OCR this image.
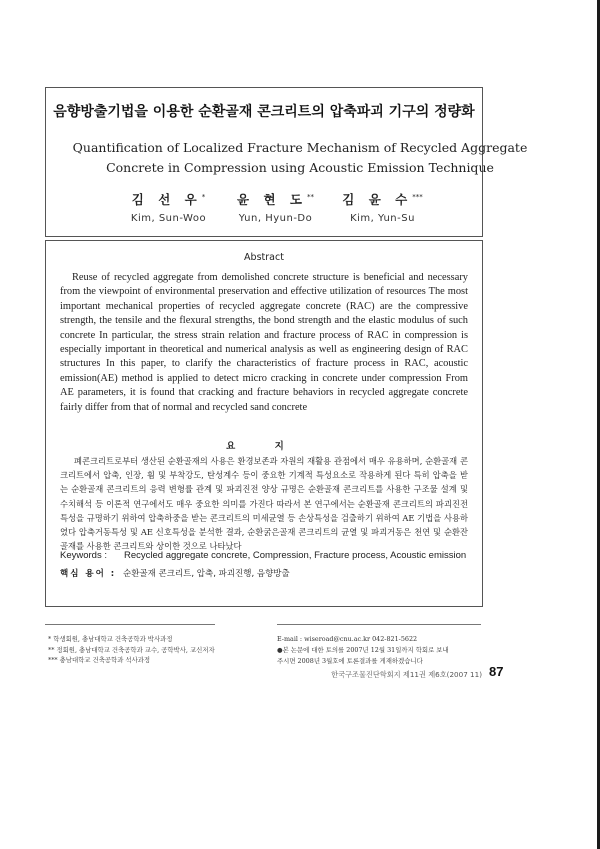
음향방출기법을 이용한 순환골재 콘크리트의 압축파괴 기구의 정량화
Quantification of Localized Fracture Mechanism of Recycled Aggregate
Concrete in Compression using Acoustic Emission Technique
김 선 우*
Kim, Sun-Woo
윤 현 도**
Yun, Hyun-Do
김 윤 수***
Kim, Yun-Su
Abstract

Reuse of recycled aggregate from demolished concrete structure is beneficial and necessary from the viewpoint of environmental preservation and effective utilization of resources The most important mechanical properties of recycled aggregate concrete (RAC) are the compressive strength, the tensile and the flexural strengths, the bond strength and the elastic modulus of such concrete In particular, the stress strain relation and fracture process of RAC in compression is especially important in theoretical and numerical analysis as well as engineering design of RAC structures In this paper, to clarify the characteristics of fracture process in RAC, acoustic emission(AE) method is applied to detect micro cracking in concrete under compression From AE parameters, it is found that cracking and fracture behaviors in recycled aggregate concrete fairly differ from that of normal and recycled sand concrete

요 지

폐콘크리트로부터 생산된 순환골재의 사용은 환경보존과 자원의 재활용 관점에서 매우 유용하며, 순환골재 콘크리트에서 압축, 인장, 휨 및 부착강도, 탄성계수 등이 중요한 기계적 특성요소로 작용하게 된다 특히 압축을 받는 순환골재 콘크리트의 응력 변형률 관계 및 파괴진전 양상 규명은 순환골재 콘크리트를 사용한 구조물 설계 및 수치해석 등 이론적 연구에서도 매우 중요한 의미를 가진다 따라서 본 연구에서는 순환골재 콘크리트의 파괴진전특성을 규명하기 위하여 압축하중을 받는 콘크리트의 미세균열 등 손상특성을 검출하기 위하여 AE 기법을 사용하였다 압축거동특성 및 AE 신호특성을 분석한 결과, 순환굵은골재 콘크리트의 균열 및 파괴거동은 천연 및 순환잔골재를 사용한 콘크리트와 상이한 것으로 나타났다

Keywords : Recycled aggregate concrete, Compression, Fracture process, Acoustic emission
핵심 용어 : 순환골재 콘크리트, 압축, 파괴진행, 음향방출
* 학생회원, 충남대학교 건축공학과 박사과정
** 정회원, 충남대학교 건축공학과 교수, 공학박사, 교신저자
*** 충남대학교 건축공학과 석사과정
E-mail : wiseroad@cnu.ac.kr 042-821-5622
●본 논문에 대한 토의를 2007년 12월 31일까지 학회로 보내
주시면 2008년 3월호에 토론결과를 게재하겠습니다
한국구조물진단학회지 제11권 제6호(2007 11) 87
